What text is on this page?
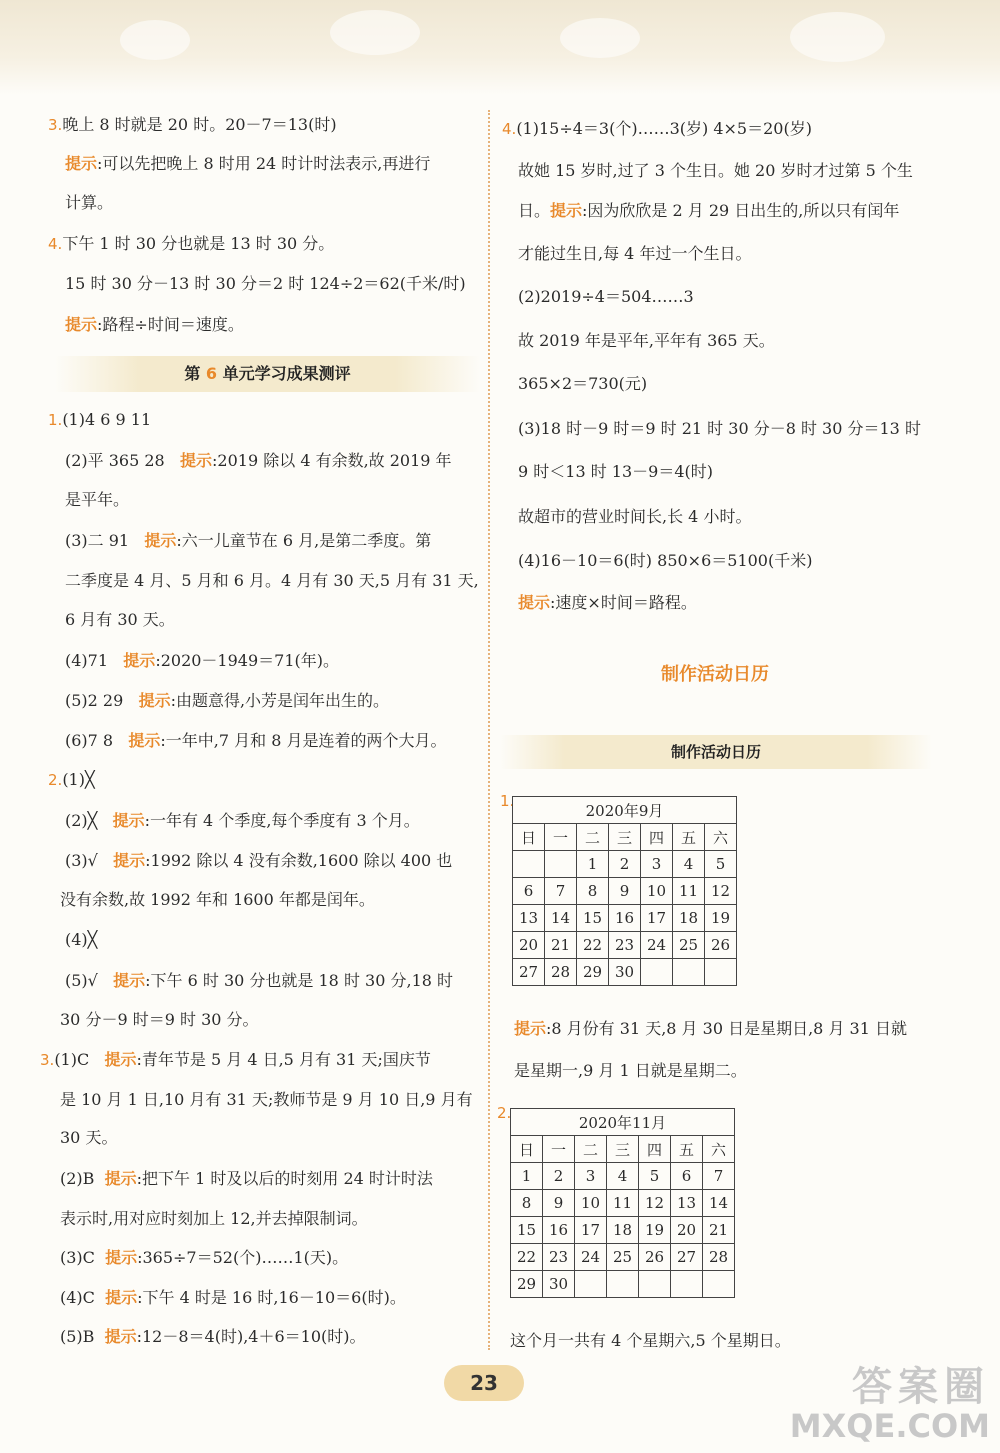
3.晚上 8 时就是 20 时。20－7＝13(时)
提示:可以先把晚上 8 时用 24 时计时法表示,再进行
计算。
4.下午 1 时 30 分也就是 13 时 30 分。
15 时 30 分－13 时 30 分＝2 时 124÷2＝62(千米/时)
提示:路程÷时间＝速度。
第 6 单元学习成果测评
1.(1)4 6 9 11
(2)平 365 28 提示:2019 除以 4 有余数,故 2019 年
是平年。
(3)二 91 提示:六一儿童节在 6 月,是第二季度。第
二季度是 4 月、5 月和 6 月。4 月有 30 天,5 月有 31 天,
6 月有 30 天。
(4)71 提示:2020－1949＝71(年)。
(5)2 29 提示:由题意得,小芳是闰年出生的。
(6)7 8 提示:一年中,7 月和 8 月是连着的两个大月。
2.(1)╳
(2)╳ 提示:一年有 4 个季度,每个季度有 3 个月。
(3)√ 提示:1992 除以 4 没有余数,1600 除以 400 也
没有余数,故 1992 年和 1600 年都是闰年。
(4)╳
(5)√ 提示:下午 6 时 30 分也就是 18 时 30 分,18 时
30 分－9 时＝9 时 30 分。
3.(1)C 提示:青年节是 5 月 4 日,5 月有 31 天;国庆节
是 10 月 1 日,10 月有 31 天;教师节是 9 月 10 日,9 月有
30 天。
(2)B 提示:把下午 1 时及以后的时刻用 24 时计时法
表示时,用对应时刻加上 12,并去掉限制词。
(3)C 提示:365÷7＝52(个)……1(天)。
(4)C 提示:下午 4 时是 16 时,16－10＝6(时)。
(5)B 提示:12－8＝4(时),4＋6＝10(时)。
4.(1)15÷4＝3(个)……3(岁) 4×5＝20(岁)
故她 15 岁时,过了 3 个生日。她 20 岁时才过第 5 个生
日。提示:因为欣欣是 2 月 29 日出生的,所以只有闰年
才能过生日,每 4 年过一个生日。
(2)2019÷4＝504……3
故 2019 年是平年,平年有 365 天。
365×2＝730(元)
(3)18 时－9 时＝9 时 21 时 30 分－8 时 30 分＝13 时
9 时＜13 时 13－9＝4(时)
故超市的营业时间长,长 4 小时。
(4)16－10＝6(时) 850×6＝5100(千米)
提示:速度×时间＝路程。
制作活动日历
制作活动日历
1.
2020年9月						
日	一	二	三	四	五	六
		1	2	3	4	5
6	7	8	9	10	11	12
13	14	15	16	17	18	19
20	21	22	23	24	25	26
27	28	29	30			
提示:8 月份有 31 天,8 月 30 日是星期日,8 月 31 日就
是星期一,9 月 1 日就是星期二。
2.
2020年11月						
日	一	二	三	四	五	六
1	2	3	4	5	6	7
8	9	10	11	12	13	14
15	16	17	18	19	20	21
22	23	24	25	26	27	28
29	30					
这个月一共有 4 个星期六,5 个星期日。
23	答案圈
MXQE.COM
